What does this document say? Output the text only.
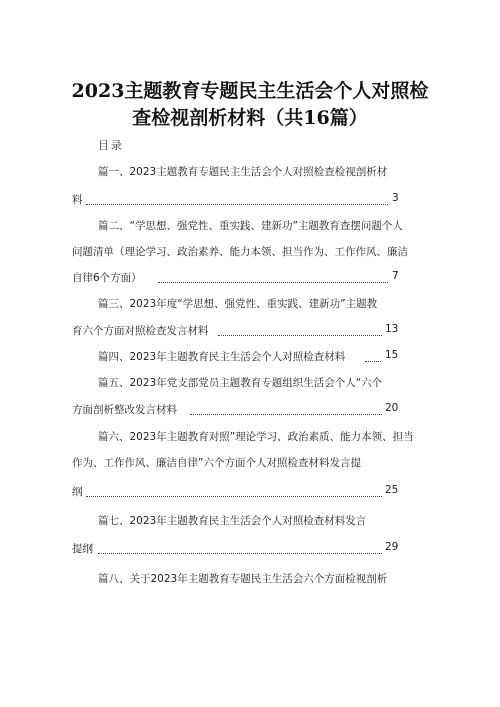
2023主题教育专题民主生活会个人对照检
查检视剖析材料（共16篇）
目录
篇一、2023主题教育专题民主生活会个人对照检查检视剖析材
料	3
篇二、“学思想、强党性、重实践、建新功”主题教育查摆问题个人
问题清单（理论学习、政治素养、能力本领、担当作为、工作作风、廉洁
自律6个方面）	7
篇三、2023年度“学思想、强党性、重实践、建新功”主题教
育六个方面对照检查发言材料	13
篇四、2023年主题教育民主生活会个人对照检查材料	15
篇五、2023年党支部党员主题教育专题组织生活会个人“六个
方面剖析整改发言材料	20
篇六、2023年主题教育对照”理论学习、政治素质、能力本领、担当
作为、工作作风、廉洁自律”六个方面个人对照检查材料发言提
纲	25
篇七、2023年主题教育民主生活会个人对照检查材料发言
提纲	29
篇八、关于2023年主题教育专题民主生活会六个方面检视剖析
